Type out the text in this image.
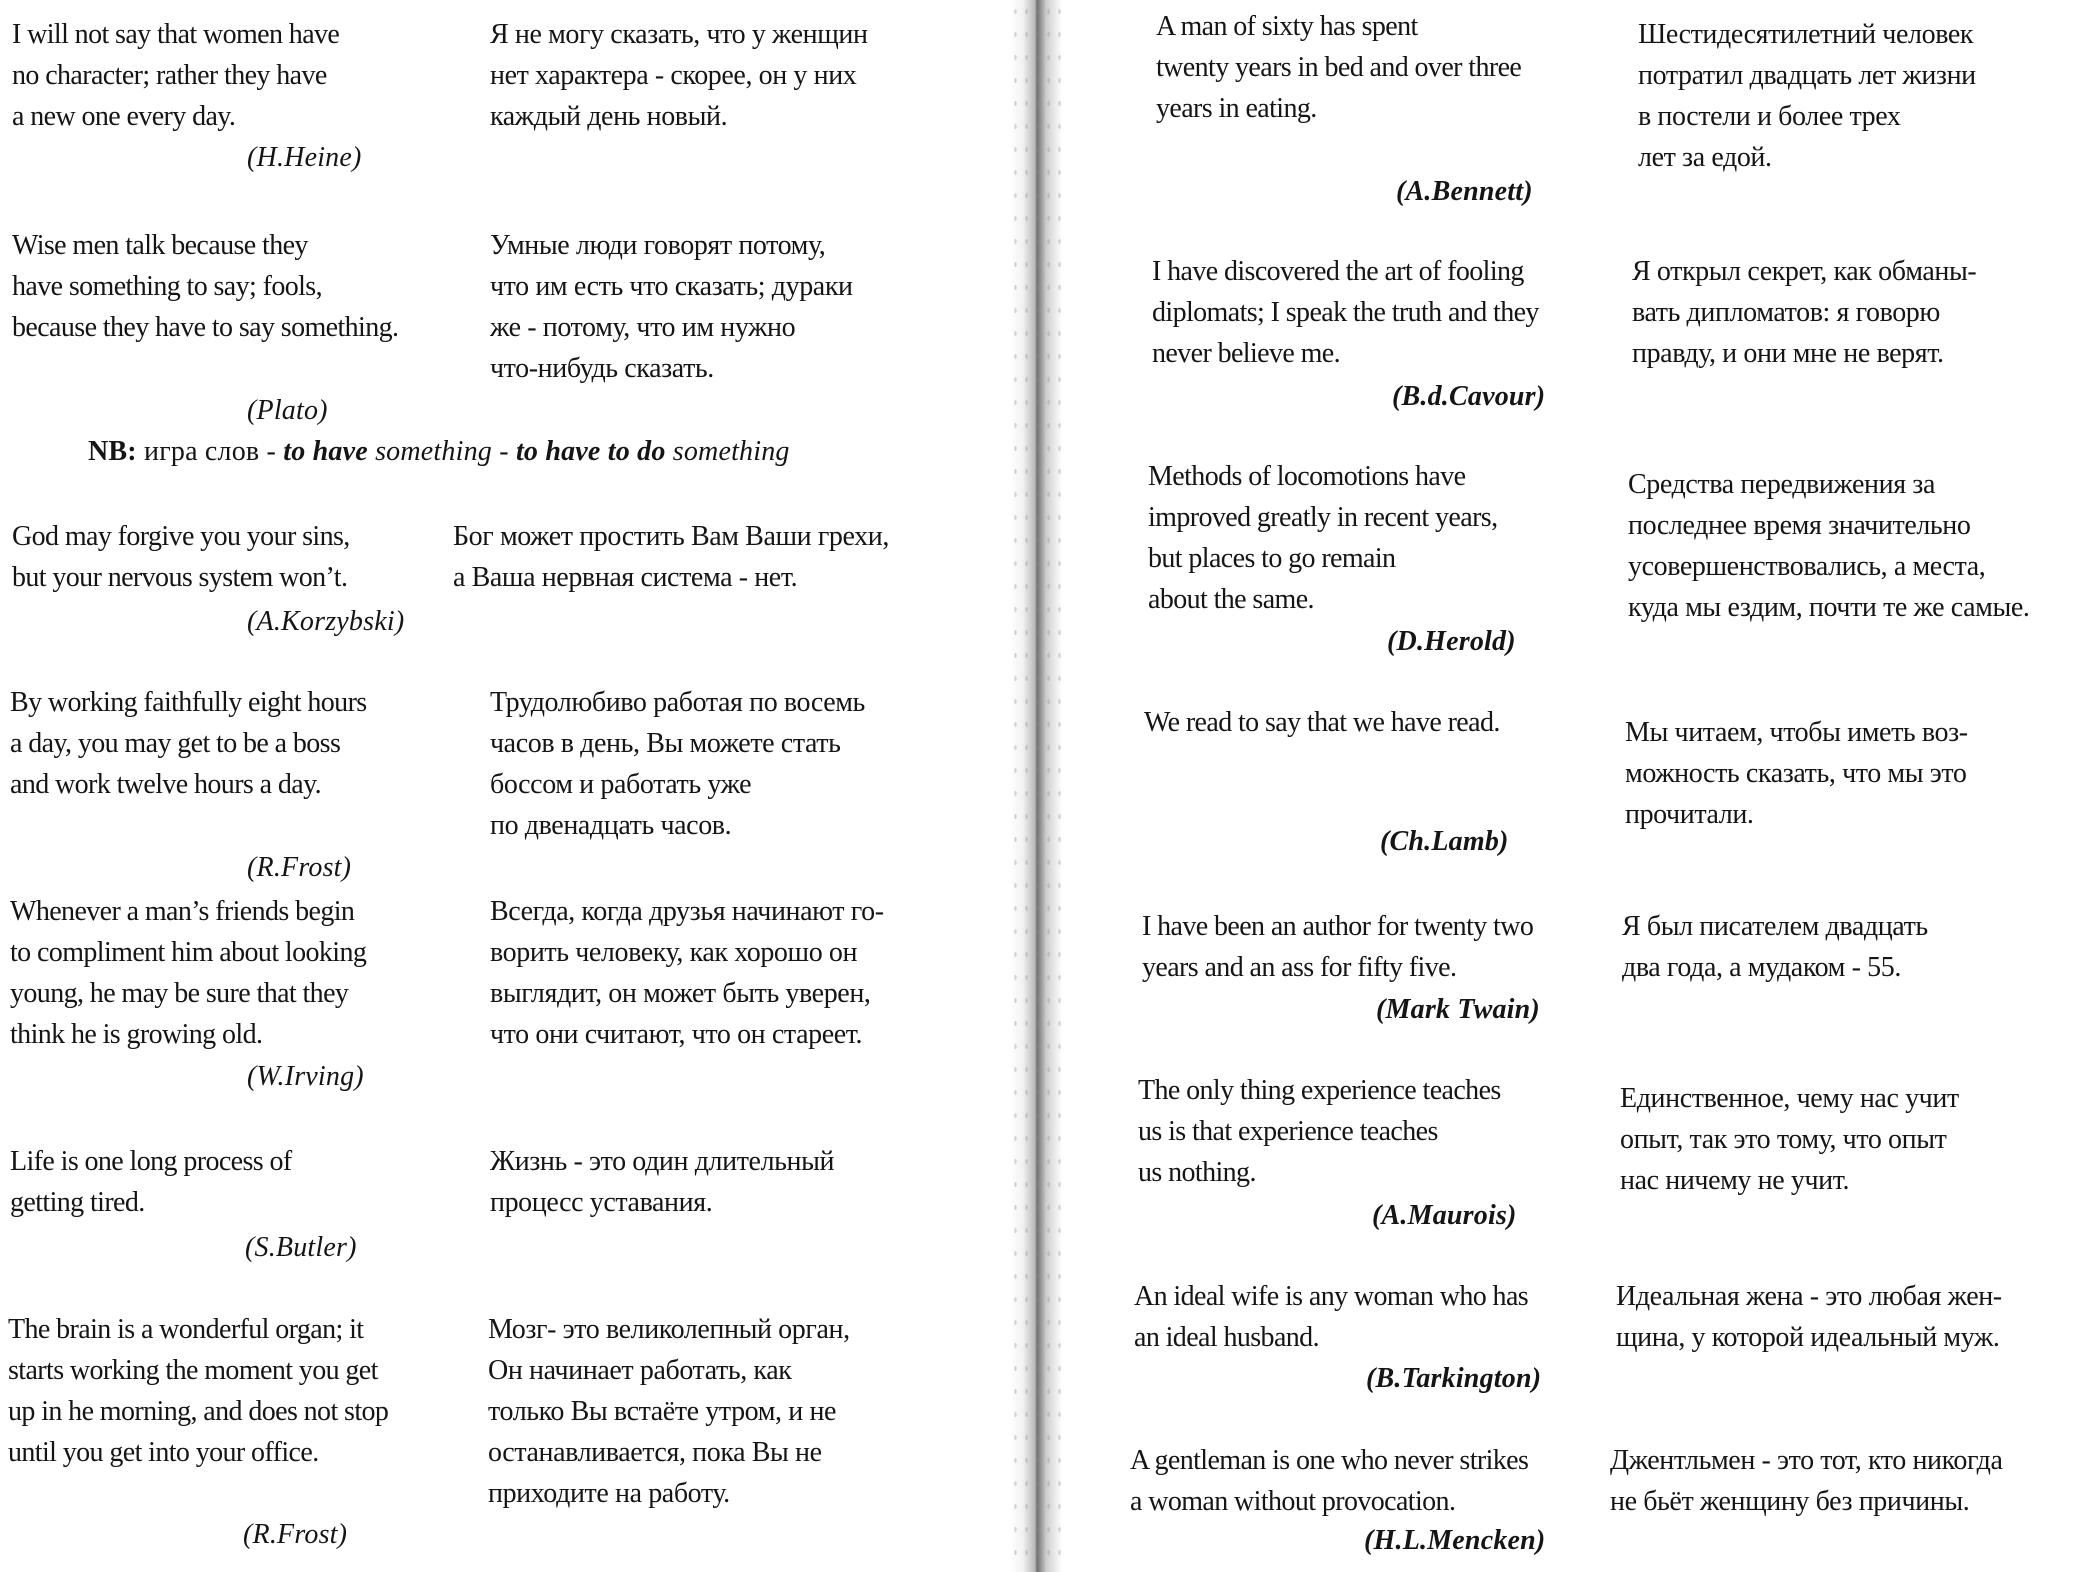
I will not say that women have
no character; rather they have
a new one every day.

Я не могу сказать, что у женщин
нет характера - скорее, он у них
каждый день новый.

(H.Heine)

Wise men talk because they
have something to say; fools,
because they have to say something.

Умные люди говорят потому,
что им есть что сказать; дураки
же - потому, что им нужно
что-нибудь сказать.

(Plato)

NB: игра слов - to have something - to have to do something

God may forgive you your sins,
but your nervous system won’t.

Бог может простить Вам Ваши грехи,
а Ваша нервная система - нет.

(A.Korzybski)

By working faithfully eight hours
a day, you may get to be a boss
and work twelve hours a day.

Трудолюбиво работая по восемь
часов в день, Вы можете стать
боссом и работать уже
по двенадцать часов.

(R.Frost)

Whenever a man’s friends begin
to compliment him about looking
young, he may be sure that they
think he is growing old.

Всегда, когда друзья начинают го-
ворить человеку, как хорошо он
выглядит, он может быть уверен,
что они считают, что он стареет.

(W.Irving)

Life is one long process of
getting tired.

Жизнь - это один длительный
процесс уставания.

(S.Butler)

The brain is a wonderful organ; it
starts working the moment you get
up in he morning, and does not stop
until you get into your office.

Мозг- это великолепный орган,
Он начинает работать, как
только Вы встаёте утром, и не
останавливается, пока Вы не
приходите на работу.

(R.Frost)

A man of sixty has spent
twenty years in bed and over three
years in eating.

Шестидесятилетний человек
потратил двадцать лет жизни
в постели и более трех
лет за едой.

(A.Bennett)

I have discovered the art of fooling
diplomats; I speak the truth and they
never believe me.

Я открыл секрет, как обманы-
вать дипломатов: я говорю
правду, и они мне не верят.

(B.d.Cavour)

Methods of locomotions have
improved greatly in recent years,
but places to go remain
about the same.

Средства передвижения за
последнее время значительно
усовершенствовались, а места,
куда мы ездим, почти те же самые.

(D.Herold)

We read to say that we have read.	Мы читаем, чтобы иметь воз-
можность сказать, что мы это
прочитали.

(Ch.Lamb)

I have been an author for twenty two
years and an ass for fifty five.

Я был писателем двадцать
два года, а мудаком - 55.

(Mark Twain)

The only thing experience teaches
us is that experience teaches
us nothing.

Единственное, чему нас учит
опыт, так это тому, что опыт
нас ничему не учит.

(A.Maurois)

An ideal wife is any woman who has
an ideal husband.

Идеальная жена - это любая жен-
щина, у которой идеальный муж.

(B.Tarkington)

A gentleman is one who never strikes
a woman without provocation.

Джентльмен - это тот, кто никогда
не бьёт женщину без причины.

(H.L.Mencken)
